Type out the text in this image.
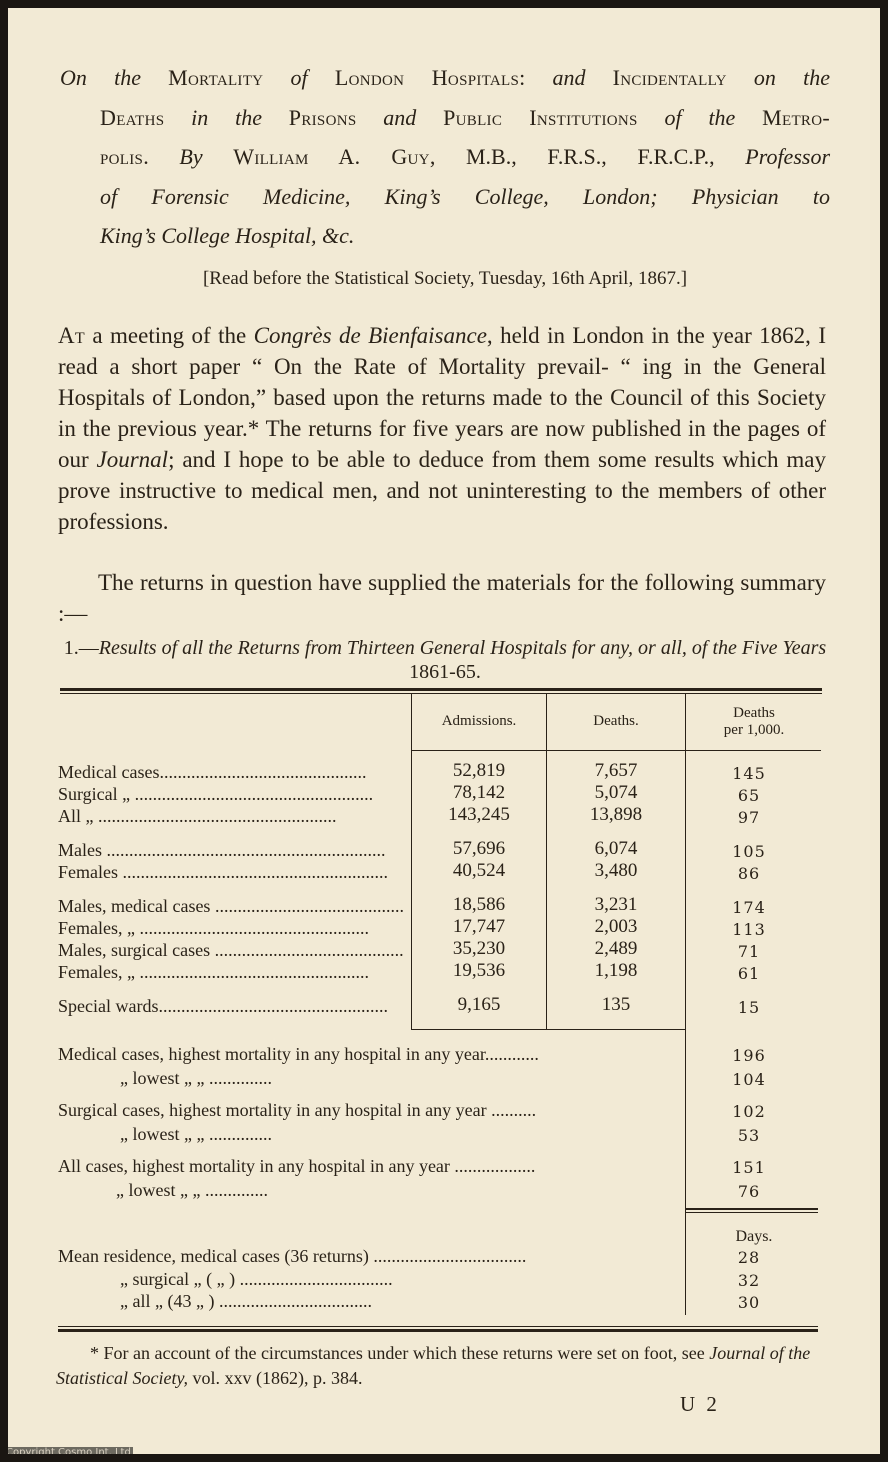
On the Mortality of London Hospitals: and Incidentally on the
Deaths in the Prisons and Public Institutions of the Metro-
polis. By William A. Guy, M.B., F.R.S., F.R.C.P., Professor
of Forensic Medicine, King’s College, London; Physician to
King’s College Hospital, &c.
[Read before the Statistical Society, Tuesday, 16th April, 1867.]
At a meeting of the Congrès de Bienfaisance, held in London in the year 1862, I read a short paper “ On the Rate of Mortality prevail- “ ing in the General Hospitals of London,” based upon the returns made to the Council of this Society in the previous year.* The returns for five years are now published in the pages of our Journal; and I hope to be able to deduce from them some results which may prove instructive to medical men, and not uninteresting to the members of other professions.
The returns in question have supplied the materials for the following summary :—
1.—Results of all the Returns from Thirteen General Hospitals for any, or all, of the Five Years 1861-65.
Admissions.	Deaths.	Deaths
per 1,000.
Medical cases..............................................	52,819	7,657	145
Surgical „ .....................................................	78,142	5,074	65
All „ .....................................................	143,245	13,898	97
Males ..............................................................	57,696	6,074	105
Females ...........................................................	40,524	3,480	86
Males, medical cases ..........................................	18,586	3,231	174
Females, „ ...................................................	17,747	2,003	113
Males, surgical cases ..........................................	35,230	2,489	71
Females, „ ...................................................	19,536	1,198	61
Special wards...................................................	9,165	135	15
Medical cases, highest mortality in any hospital in any year............	196
„ lowest „ „ ..............	104
Surgical cases, highest mortality in any hospital in any year ..........	102
„ lowest „ „ ..............	53
All cases, highest mortality in any hospital in any year ..................	151
„ lowest „ „ ..............	76
Days.
Mean residence, medical cases (36 returns) ..................................	28
„ surgical „ ( „ ) ..................................	32
„ all „ (43 „ ) ..................................	30
* For an account of the circumstances under which these returns were set on foot, see Journal of the Statistical Society, vol. xxv (1862), p. 384.
U 2
Copyright Cosmo Int. Ltd
